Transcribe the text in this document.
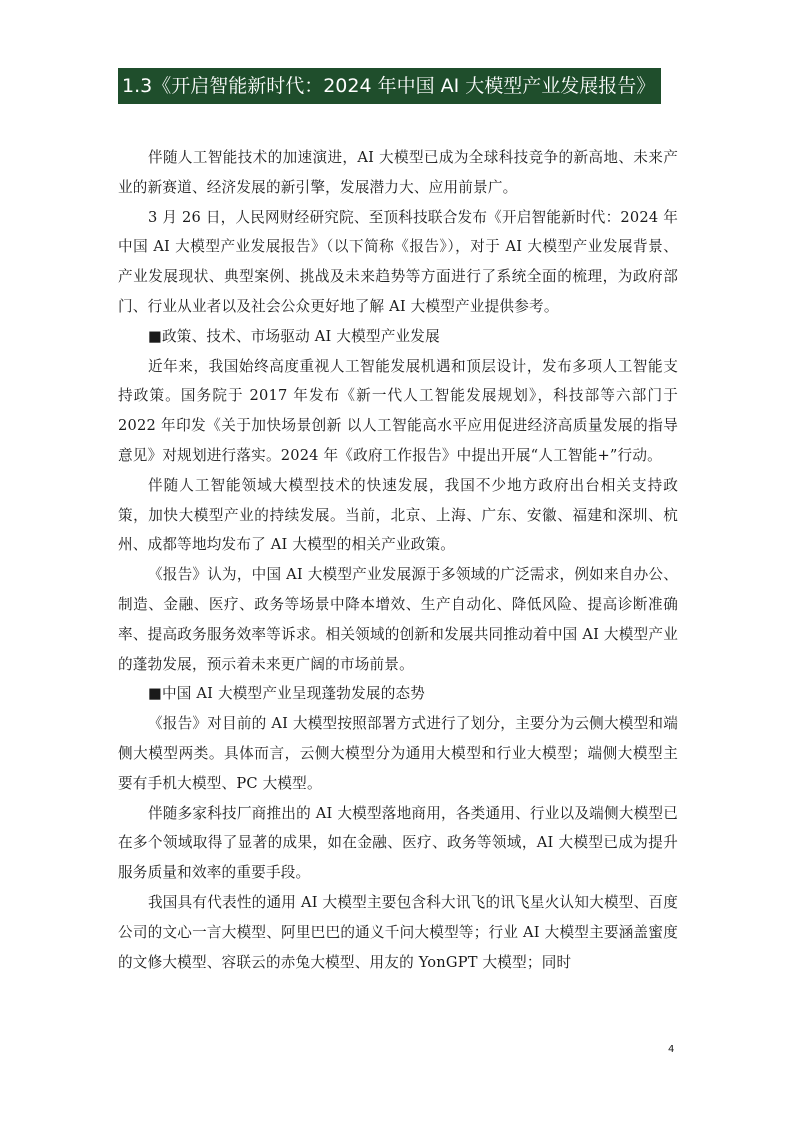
1.3《开启智能新时代：2024 年中国 AI 大模型产业发展报告》

伴随人工智能技术的加速演进，AI 大模型已成为全球科技竞争的新高地、未来产业的新赛道、经济发展的新引擎，发展潜力大、应用前景广。

3 月 26 日，人民网财经研究院、至顶科技联合发布《开启智能新时代：2024 年中国 AI 大模型产业发展报告》（以下简称《报告》），对于 AI 大模型产业发展背景、产业发展现状、典型案例、挑战及未来趋势等方面进行了系统全面的梳理，为政府部门、行业从业者以及社会公众更好地了解 AI 大模型产业提供参考。

■政策、技术、市场驱动 AI 大模型产业发展

近年来，我国始终高度重视人工智能发展机遇和顶层设计，发布多项人工智能支持政策。国务院于 2017 年发布《新一代人工智能发展规划》，科技部等六部门于 2022 年印发《关于加快场景创新 以人工智能高水平应用促进经济高质量发展的指导意见》对规划进行落实。2024 年《政府工作报告》中提出开展“人工智能+”行动。

伴随人工智能领域大模型技术的快速发展，我国不少地方政府出台相关支持政策，加快大模型产业的持续发展。当前，北京、上海、广东、安徽、福建和深圳、杭州、成都等地均发布了 AI 大模型的相关产业政策。

《报告》认为，中国 AI 大模型产业发展源于多领域的广泛需求，例如来自办公、制造、金融、医疗、政务等场景中降本增效、生产自动化、降低风险、提高诊断准确率、提高政务服务效率等诉求。相关领域的创新和发展共同推动着中国 AI 大模型产业的蓬勃发展，预示着未来更广阔的市场前景。

■中国 AI 大模型产业呈现蓬勃发展的态势

《报告》对目前的 AI 大模型按照部署方式进行了划分，主要分为云侧大模型和端侧大模型两类。具体而言，云侧大模型分为通用大模型和行业大模型；端侧大模型主要有手机大模型、PC 大模型。

伴随多家科技厂商推出的 AI 大模型落地商用，各类通用、行业以及端侧大模型已在多个领域取得了显著的成果，如在金融、医疗、政务等领域，AI 大模型已成为提升服务质量和效率的重要手段。

我国具有代表性的通用 AI 大模型主要包含科大讯飞的讯飞星火认知大模型、百度公司的文心一言大模型、阿里巴巴的通义千问大模型等；行业 AI 大模型主要涵盖蜜度的文修大模型、容联云的赤兔大模型、用友的 YonGPT 大模型；同时

4
